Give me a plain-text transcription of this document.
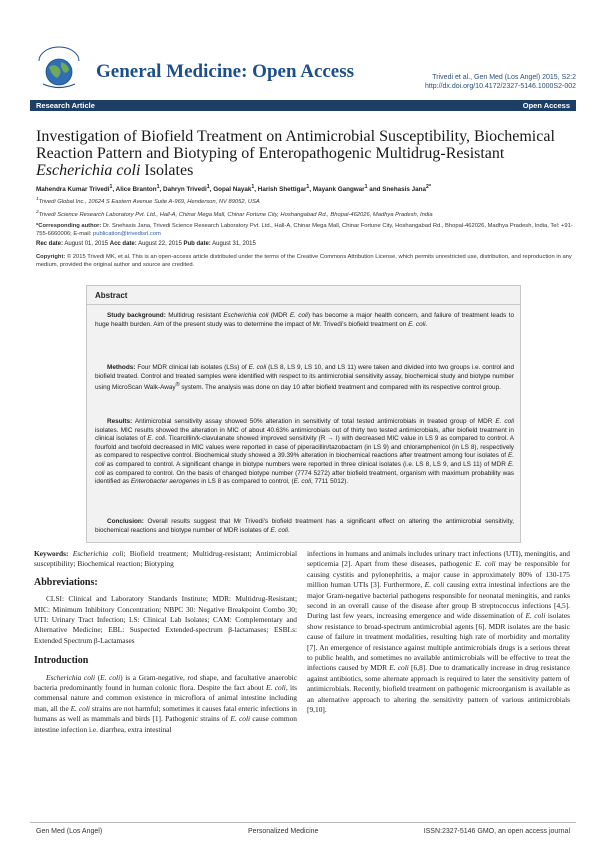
General Medicine: Open Access	Trivedi et al., Gen Med (Los Angel) 2015, S2:2
http://dx.doi.org/10.4172/2327-5146.1000S2-002
Research Article	Open Access
Investigation of Biofield Treatment on Antimicrobial Susceptibility, Biochemical
Reaction Pattern and Biotyping of Enteropathogenic Multidrug-Resistant
Escherichia coli Isolates
Mahendra Kumar Trivedi$^1$, Alice Branton$^1$, Dahryn Trivedi$^1$, Gopal Nayak$^1$, Harish Shettigar$^1$, Mayank Gangwar$^1$ and Snehasis Jana$^{2*}$
$^1$Trivedi Global Inc., 10624 S Eastern Avenue Suite A-969, Henderson, NV 89052, USA
$^2$Trivedi Science Research Laboratory Pvt. Ltd., Hall-A, Chinar Mega Mall, Chinar Fortune City, Hoshangabad Rd., Bhopal-462026, Madhya Pradesh, India
*Corresponding author: Dr. Snehasis Jana, Trivedi Science Research Laboratory Pvt. Ltd., Hall-A, Chinar Mega Mall, Chinar Fortune City, Hoshangabad Rd., Bhopal-462026, Madhya Pradesh, India, Tel: +91-755-6660006; E-mail: publication@trivedisrl.com
Rec date: August 01, 2015 Acc date: August 22, 2015 Pub date: August 31, 2015
Copyright: © 2015 Trivedi MK, et al. This is an open-access article distributed under the terms of the Creative Commons Attribution License, which permits unrestricted use, distribution, and reproduction in any medium, provided the original author and source are credited.
Abstract

Study background: Multidrug resistant Escherichia coli (MDR E. coli) has become a major health concern, and failure of treatment leads to huge health burden. Aim of the present study was to determine the impact of Mr. Trivedi's biofield treatment on E. coli.

Methods: Four MDR clinical lab isolates (LSs) of E. coli (LS 8, LS 9, LS 10, and LS 11) were taken and divided into two groups i.e. control and biofield treated. Control and treated samples were identified with respect to its antimicrobial sensitivity assay, biochemical study and biotype number using MicroScan Walk-Away® system. The analysis was done on day 10 after biofield treatment and compared with its respective control group.

Results: Antimicrobial sensitivity assay showed 50% alteration in sensitivity of total tested antimicrobials in treated group of MDR E. coli isolates. MIC results showed the alteration in MIC of about 40.63% antimicrobials out of thirty two tested antimicrobials, after biofield treatment in clinical isolates of E. coli. Ticarcillin/k-clavulanate showed improved sensitivity (R → I) with decreased MIC value in LS 9 as compared to control. A fourfold and twofold decreased in MIC values were reported in case of piperacillin/tazobactam (in LS 9) and chloramphenicol (in LS 8), respectively as compared to respective control. Biochemical study showed a 39.39% alteration in biochemical reactions after treatment among four isolates of E. coli as compared to control. A significant change in biotype numbers were reported in three clinical isolates (i.e. LS 8, LS 9, and LS 11) of MDR E. coli as compared to control. On the basis of changed biotype number (7774 5272) after biofield treatment, organism with maximum probability was identified as Enterobacter aerogenes in LS 8 as compared to control, (E. coli, 7711 5012).

Conclusion: Overall results suggest that Mr Trivedi's biofield treatment has a significant effect on altering the antimicrobial sensitivity, biochemical reactions and biotype number of MDR isolates of E. coli.

Keywords: Escherichia coli; Biofield treatment; Multidrug-resistant; Antimicrobial susceptibility; Biochemical reaction; Biotyping

Abbreviations:

CLSI: Clinical and Laboratory Standards Institute; MDR: Multidrug-Resistant; MIC: Minimum Inhibitory Concentration; NBPC 30: Negative Breakpoint Combo 30; UTI: Urinary Tract Infection; LS: Clinical Lab Isolates; CAM: Complementary and Alternative Medicine; EBL: Suspected Extended-spectrum β-lactamases; ESBLs: Extended Spectrum β-Lactamases

Introduction

Escherichia coli (E. coli) is a Gram-negative, rod shape, and facultative anaerobic bacteria predominantly found in human colonic flora. Despite the fact about E. coli, its commensal nature and common existence in microflora of animal intestine including man, all the E. coli strains are not harmful; sometimes it causes fatal enteric infections in humans as well as mammals and birds [1]. Pathogenic strains of E. coli cause common intestine infection i.e. diarrhea, extra intestinal

infections in humans and animals includes urinary tract infections (UTI), meningitis, and septicemia [2]. Apart from these diseases, pathogenic E. coli may be responsible for causing cystitis and pylonephritis, a major cause in approximately 80% of 130-175 million human UTIs [3]. Furthermore, E. coli causing extra intestinal infections are the major Gram-negative bacterial pathogens responsible for neonatal meningitis, and ranks second in an overall cause of the disease after group B streptococcus infections [4,5]. During last few years, increasing emergence and wide dissemination of E. coli isolates show resistance to broad-spectrum antimicrobial agents [6]. MDR isolates are the basic cause of failure in treatment modalities, resulting high rate of morbidity and mortality [7]. An emergence of resistance against multiple antimicrobials drugs is a serious threat to public health, and sometimes no available antimicrobials will be effective to treat the infections caused by MDR E. coli [6,8]. Due to dramatically increase in drug resistance against antibiotics, some alternate approach is required to later the sensitivity pattern of antimicrobials. Recently, biofield treatment on pathogenic microorganism is available as an alternative approach to altering the sensitivity pattern of various antimicrobials [9,10].

Gen Med (Los Angel)	Personalized Medicine	ISSN:2327-5146 GMO, an open access journal
